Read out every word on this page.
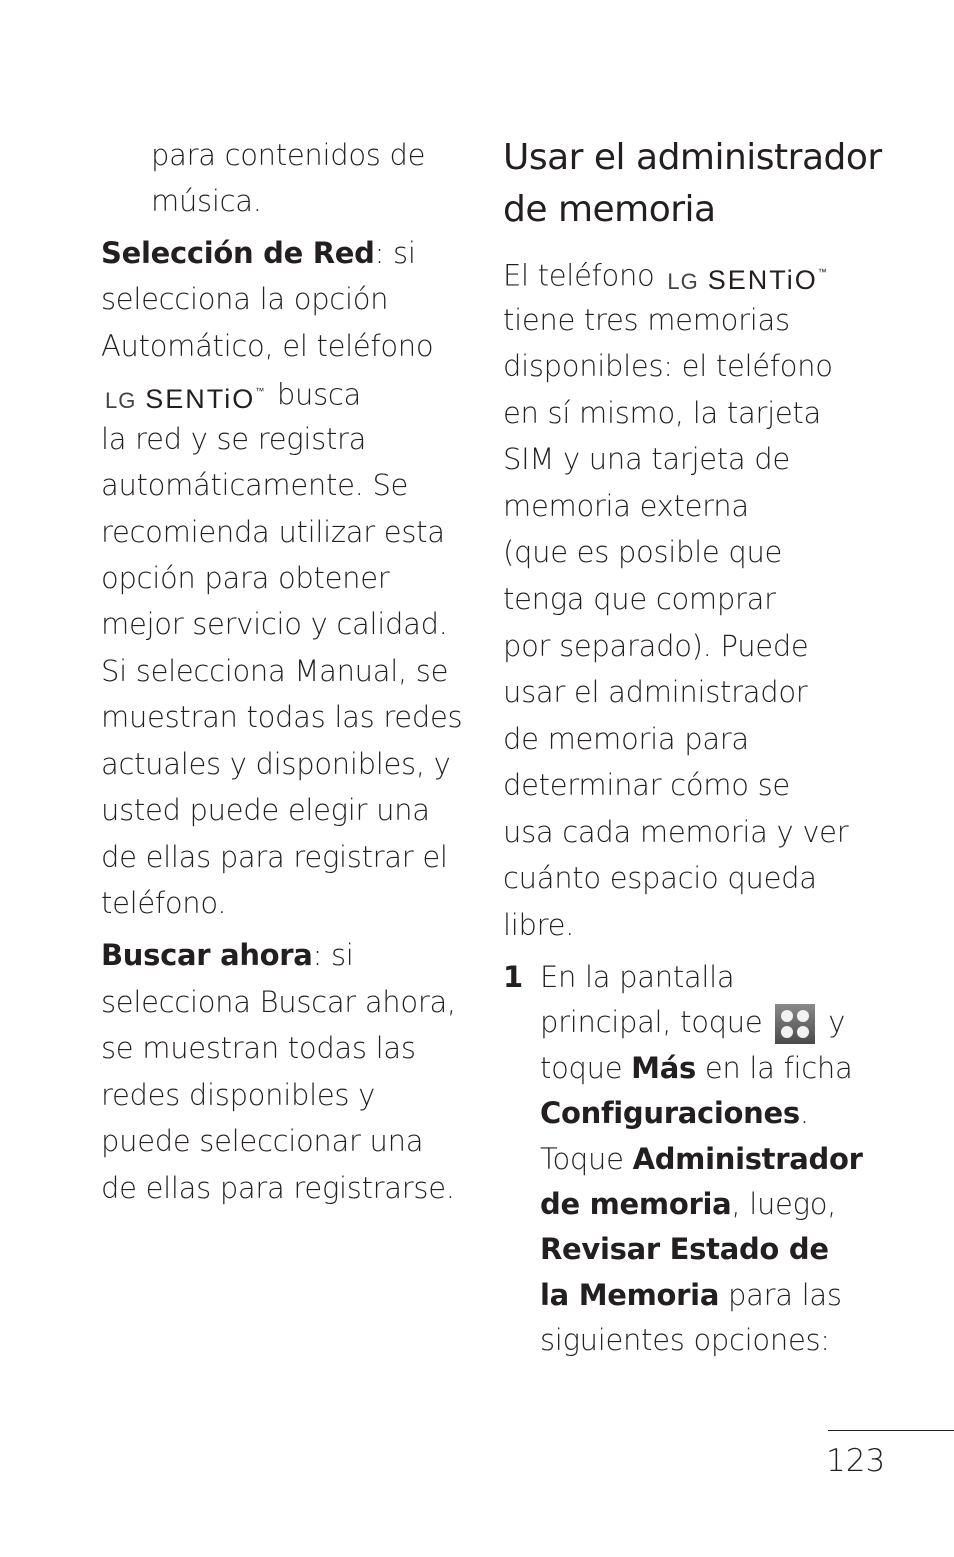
para contenidos de
música.
Selección de Red: si
selecciona la opción
Automático, el teléfono
LG SENTiO™ busca
la red y se registra
automáticamente. Se
recomienda utilizar esta
opción para obtener
mejor servicio y calidad.
Si selecciona Manual, se
muestran todas las redes
actuales y disponibles, y
usted puede elegir una
de ellas para registrar el
teléfono.
Buscar ahora: si
selecciona Buscar ahora,
se muestran todas las
redes disponibles y
puede seleccionar una
de ellas para registrarse.
Usar el administrador
de memoria
El teléfono LG SENTiO™
tiene tres memorias
disponibles: el teléfono
en sí mismo, la tarjeta
SIM y una tarjeta de
memoria externa
(que es posible que
tenga que comprar
por separado). Puede
usar el administrador
de memoria para
determinar cómo se
usa cada memoria y ver
cuánto espacio queda
libre.
1 En la pantalla
principal, toque
y
toque Más en la ficha
Configuraciones.
Toque Administrador
de memoria, luego,
Revisar Estado de
la Memoria para las
siguientes opciones:
123
